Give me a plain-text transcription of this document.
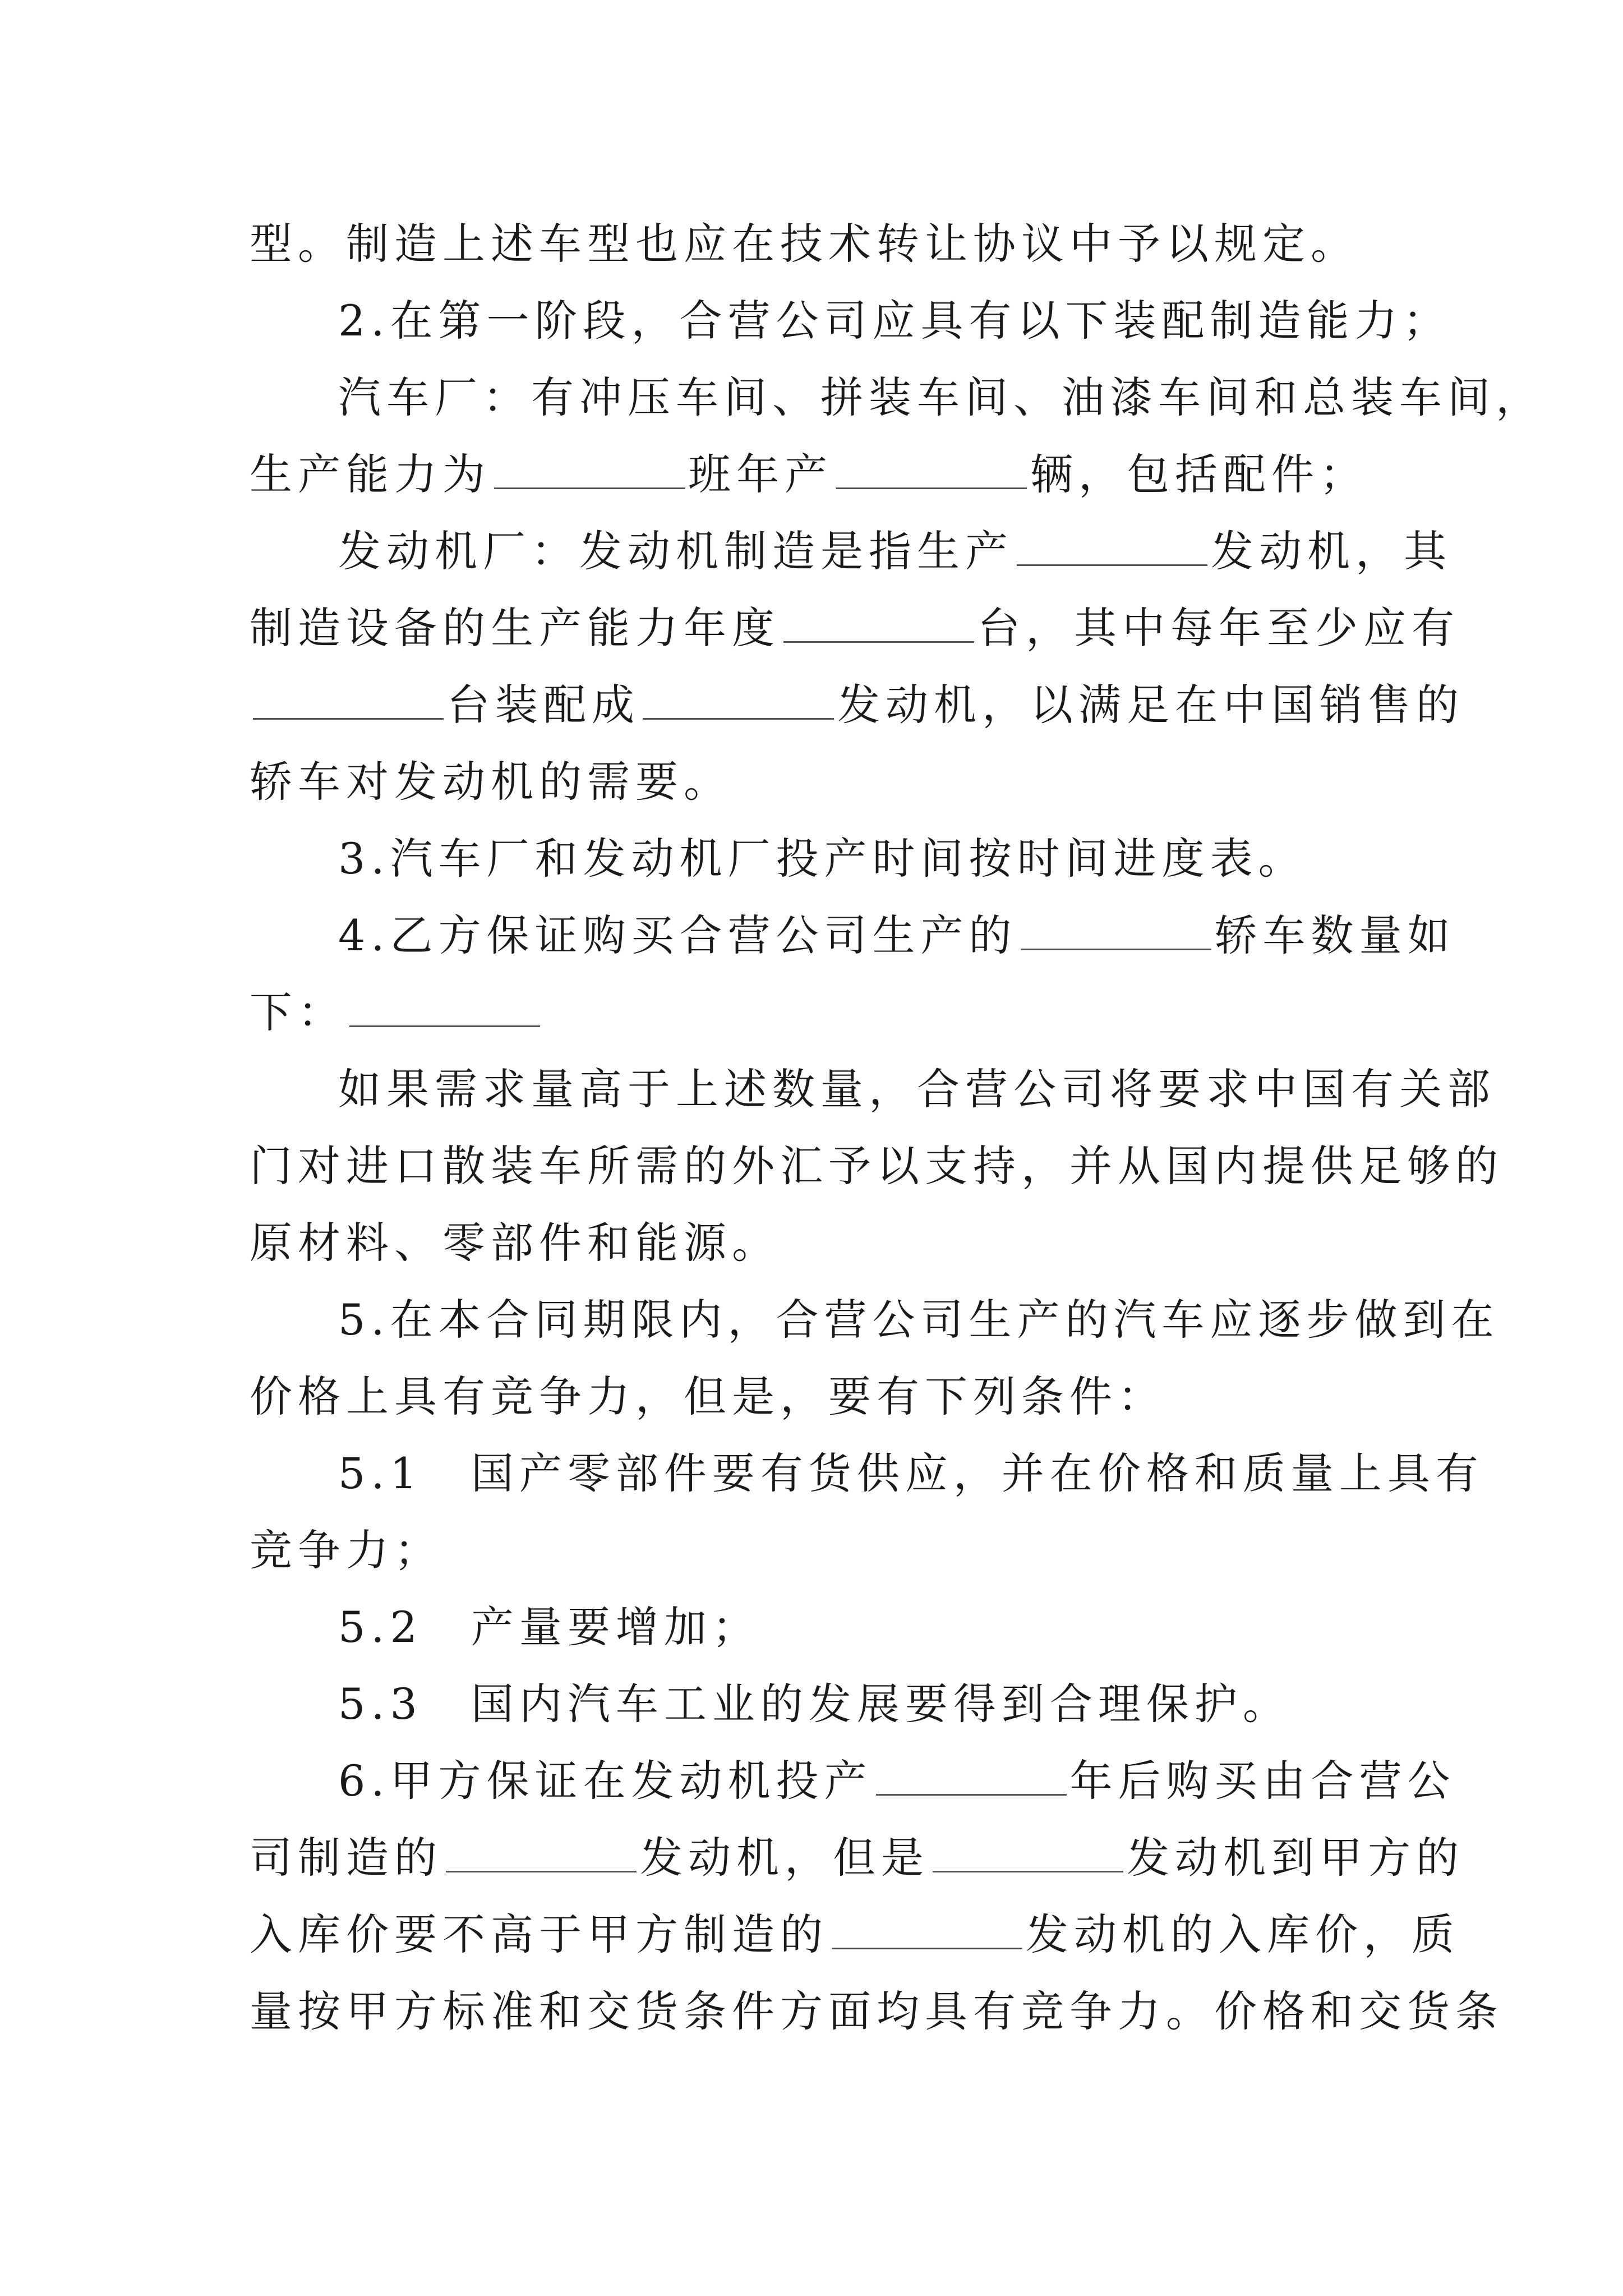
型。制造上述车型也应在技术转让协议中予以规定。
2.在第一阶段，合营公司应具有以下装配制造能力；
汽车厂：有冲压车间、拼装车间、油漆车间和总装车间，
生产能力为	班年产	辆，包括配件；
发动机厂：发动机制造是指生产	发动机，其
制造设备的生产能力年度	台，其中每年至少应有
台装配成	发动机，以满足在中国销售的
轿车对发动机的需要。
3.汽车厂和发动机厂投产时间按时间进度表。
4.乙方保证购买合营公司生产的	轿车数量如
下：
如果需求量高于上述数量，合营公司将要求中国有关部
门对进口散装车所需的外汇予以支持，并从国内提供足够的
原材料、零部件和能源。
5.在本合同期限内，合营公司生产的汽车应逐步做到在
价格上具有竞争力，但是，要有下列条件：
5.1　国产零部件要有货供应，并在价格和质量上具有
竞争力；
5.2　产量要增加；
5.3　国内汽车工业的发展要得到合理保护。
6.甲方保证在发动机投产	年后购买由合营公
司制造的	发动机，但是	发动机到甲方的
入库价要不高于甲方制造的	发动机的入库价，质
量按甲方标准和交货条件方面均具有竞争力。价格和交货条
